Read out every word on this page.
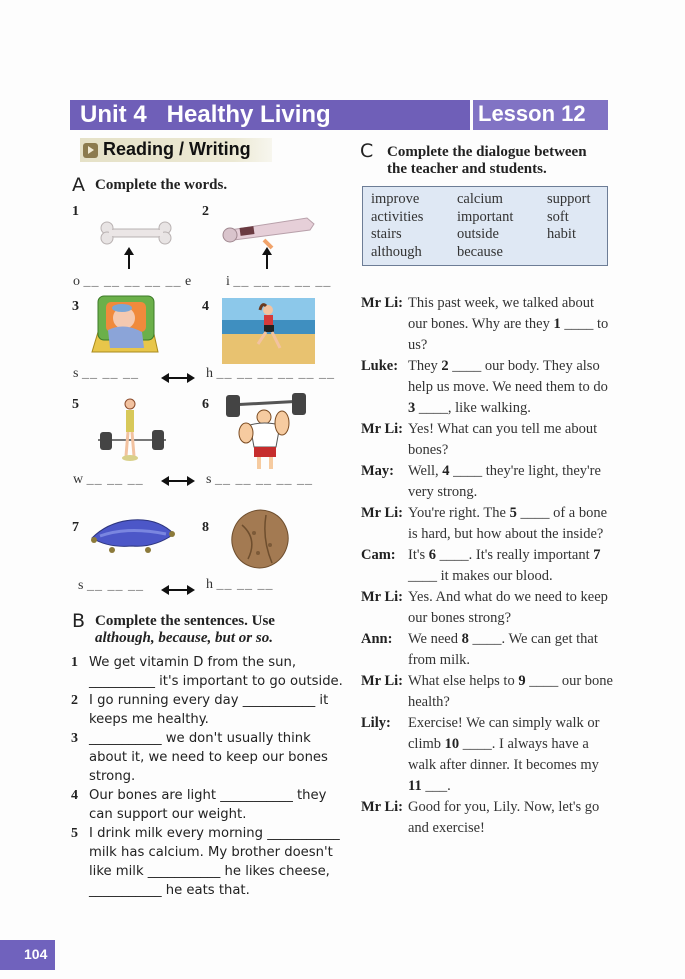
Unit 4   Healthy Living	Lesson 12
Reading / Writing
A Complete the words.
1
o __ __ __ __ __ e
2
i __ __ __ __ __
3
s __ __ __
4
h __ __ __ __ __ __
5
w __ __ __
6
s __ __ __ __ __
7
s __ __ __
8
h __ __ __
B Complete the sentences. Use
although, because, but or so.
1 We get vitamin D from the sun, __________ it's important to go outside.
2 I go running every day ___________ it keeps me healthy.
3 ___________ we don't usually think about it, we need to keep our bones strong.
4 Our bones are light ___________ they can support our weight.
5 I drink milk every morning ___________ milk has calcium. My brother doesn't like milk ___________ he likes cheese, ___________ he eats that.
C Complete the dialogue between
the teacher and students.
improve	calcium	support
activities	important	soft
stairs	outside	habit
although	because
Mr Li: This past week, we talked about our bones. Why are they 1 ____ to us?
Luke: They 2 ____ our body. They also help us move. We need them to do 3 ____, like walking.
Mr Li: Yes! What can you tell me about bones?
May: Well, 4 ____ they're light, they're very strong.
Mr Li: You're right. The 5 ____ of a bone is hard, but how about the inside?
Cam: It's 6 ____. It's really important 7 ____ it makes our blood.
Mr Li: Yes. And what do we need to keep our bones strong?
Ann: We need 8 ____. We can get that from milk.
Mr Li: What else helps to 9 ____ our bone health?
Lily: Exercise! We can simply walk or climb 10 ____. I always have a walk after dinner. It becomes my 11 ___.
Mr Li: Good for you, Lily. Now, let's go and exercise!
104
